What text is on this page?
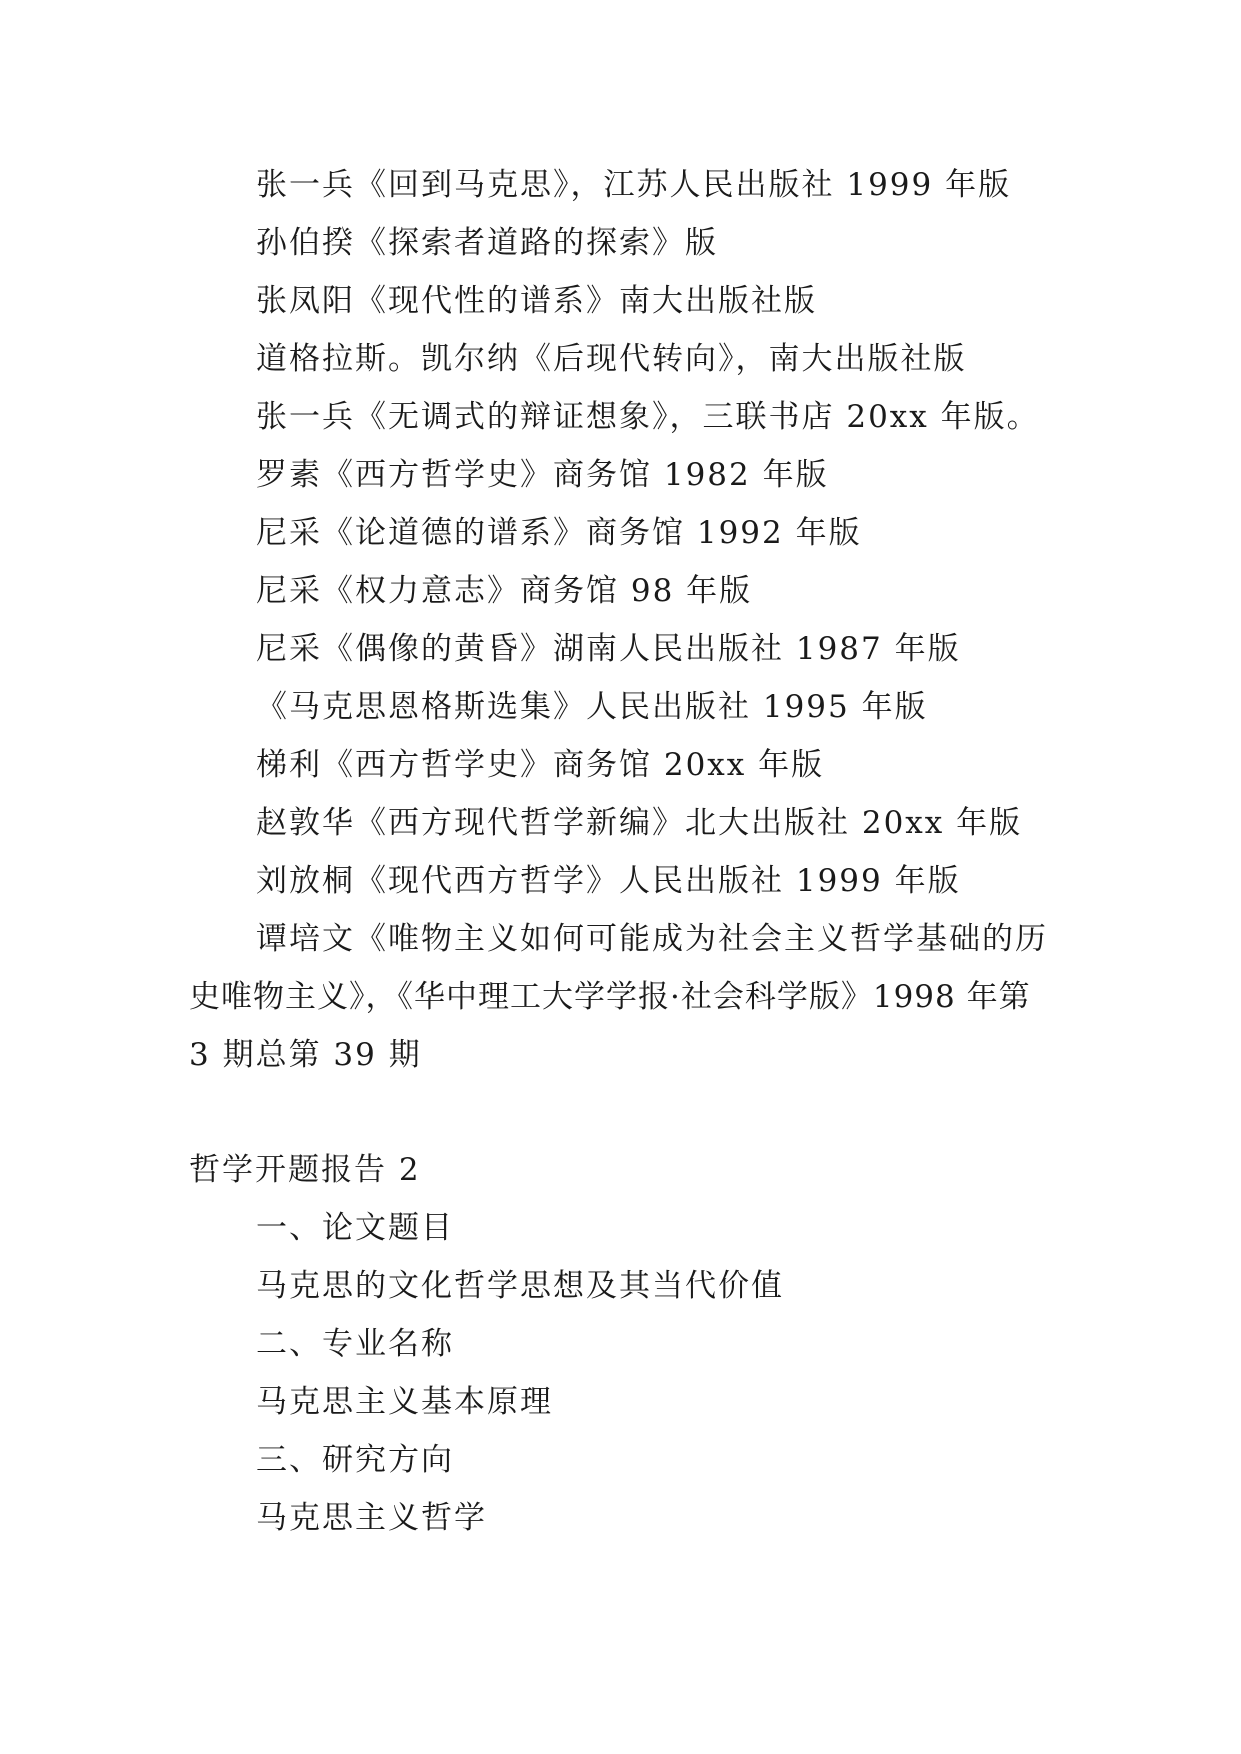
张一兵《回到马克思》，江苏人民出版社 1999 年版
孙伯揆《探索者道路的探索》版
张凤阳《现代性的谱系》南大出版社版
道格拉斯。凯尔纳《后现代转向》，南大出版社版
张一兵《无调式的辩证想象》，三联书店 20xx 年版。
罗素《西方哲学史》商务馆 1982 年版
尼采《论道德的谱系》商务馆 1992 年版
尼采《权力意志》商务馆 98 年版
尼采《偶像的黄昏》湖南人民出版社 1987 年版
《马克思恩格斯选集》人民出版社 1995 年版
梯利《西方哲学史》商务馆 20xx 年版
赵敦华《西方现代哲学新编》北大出版社 20xx 年版
刘放桐《现代西方哲学》人民出版社 1999 年版
谭培文《唯物主义如何可能成为社会主义哲学基础的历
史唯物主义》，《华中理工大学学报·社会科学版》1998 年第
3 期总第 39 期
哲学开题报告 2
一、论文题目
马克思的文化哲学思想及其当代价值
二、专业名称
马克思主义基本原理
三、研究方向
马克思主义哲学
